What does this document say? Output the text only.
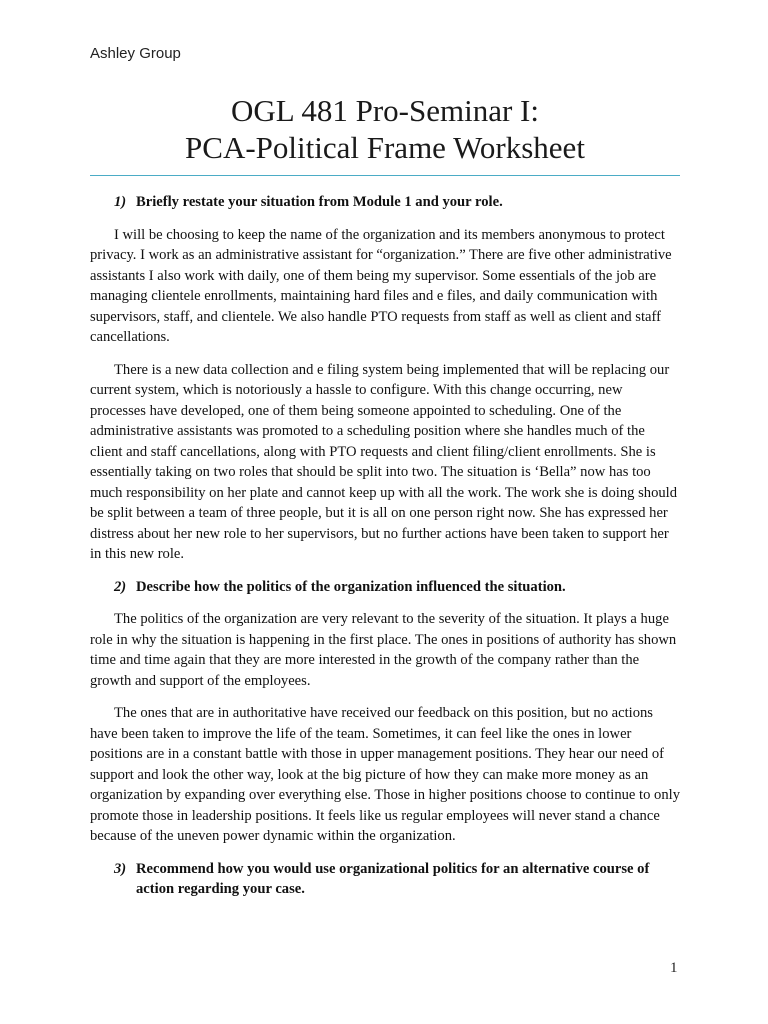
Ashley Group
OGL 481 Pro-Seminar I:
PCA-Political Frame Worksheet
1) Briefly restate your situation from Module 1 and your role.

I will be choosing to keep the name of the organization and its members anonymous to protect privacy. I work as an administrative assistant for “organization.” There are five other administrative assistants I also work with daily, one of them being my supervisor. Some essentials of the job are managing clientele enrollments, maintaining hard files and e files, and daily communication with supervisors, staff, and clientele. We also handle PTO requests from staff as well as client and staff cancellations.

There is a new data collection and e filing system being implemented that will be replacing our current system, which is notoriously a hassle to configure. With this change occurring, new processes have developed, one of them being someone appointed to scheduling. One of the administrative assistants was promoted to a scheduling position where she handles much of the client and staff cancellations, along with PTO requests and client filing/client enrollments. She is essentially taking on two roles that should be split into two. The situation is ‘Bella” now has too much responsibility on her plate and cannot keep up with all the work. The work she is doing should be split between a team of three people, but it is all on one person right now. She has expressed her distress about her new role to her supervisors, but no further actions have been taken to support her in this new role.

2) Describe how the politics of the organization influenced the situation.

The politics of the organization are very relevant to the severity of the situation. It plays a huge role in why the situation is happening in the first place. The ones in positions of authority has shown time and time again that they are more interested in the growth of the company rather than the growth and support of the employees.

The ones that are in authoritative have received our feedback on this position, but no actions have been taken to improve the life of the team. Sometimes, it can feel like the ones in lower positions are in a constant battle with those in upper management positions. They hear our need of support and look the other way, look at the big picture of how they can make more money as an organization by expanding over everything else. Those in higher positions choose to continue to only promote those in leadership positions. It feels like us regular employees will never stand a chance because of the uneven power dynamic within the organization.

3) Recommend how you would use organizational politics for an alternative course of action regarding your case.
1
